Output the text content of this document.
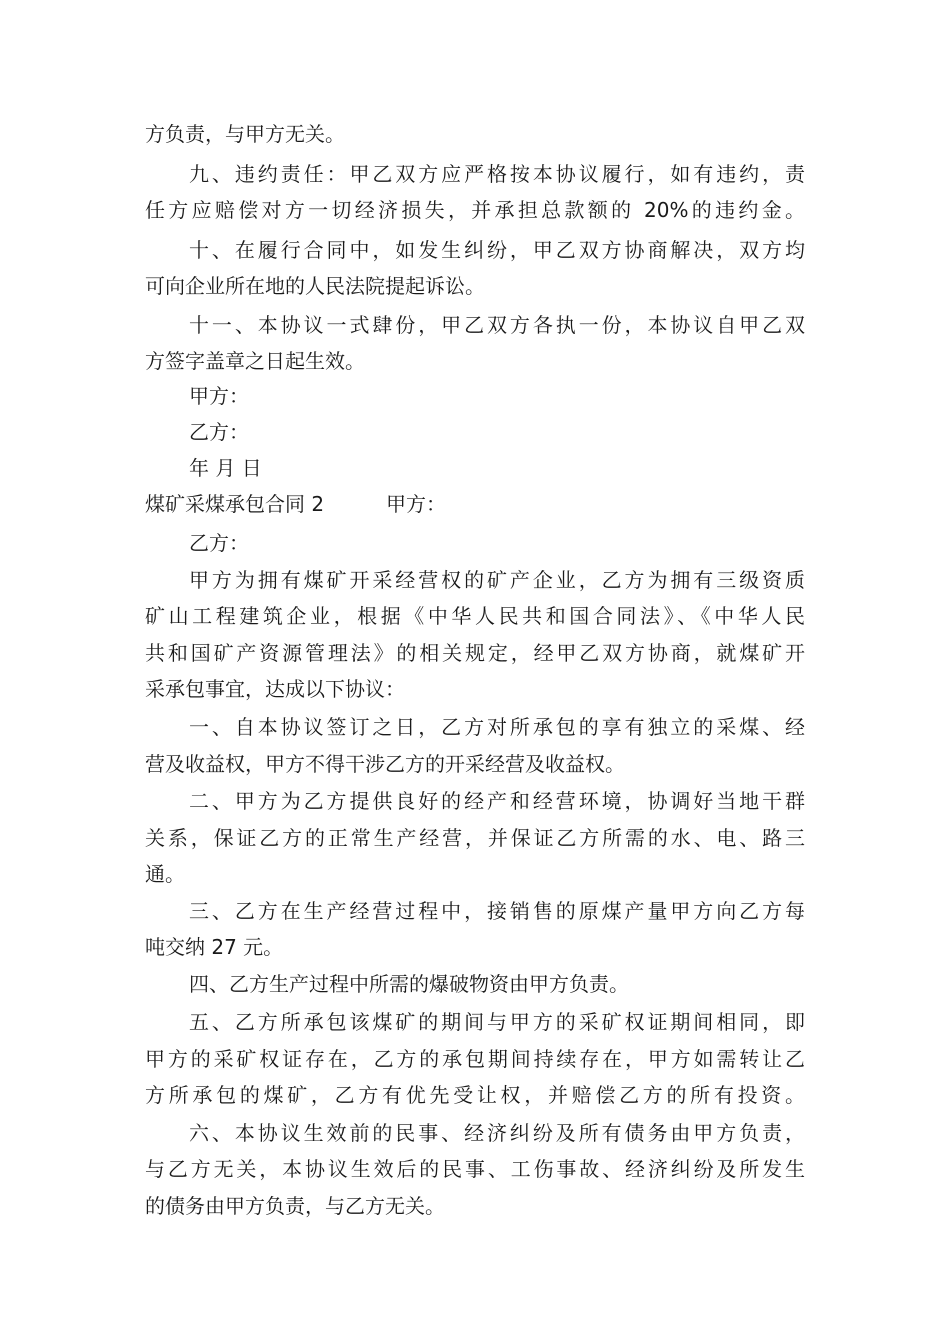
方负责，与甲方无关。
九、违约责任：甲乙双方应严格按本协议履行，如有违约，责
任方应赔偿对方一切经济损失，并承担总款额的 20%的违约金。
十、在履行合同中，如发生纠纷，甲乙双方协商解决，双方均
可向企业所在地的人民法院提起诉讼。
十一、本协议一式肆份，甲乙双方各执一份，本协议自甲乙双
方签字盖章之日起生效。
甲方：
乙方：
年 月 日
煤矿采煤承包合同 2	甲方：
乙方：
甲方为拥有煤矿开采经营权的矿产企业，乙方为拥有三级资质
矿山工程建筑企业，根据《中华人民共和国合同法》、《中华人民
共和国矿产资源管理法》的相关规定，经甲乙双方协商，就煤矿开
采承包事宜，达成以下协议：
一、自本协议签订之日，乙方对所承包的享有独立的采煤、经
营及收益权，甲方不得干涉乙方的开采经营及收益权。
二、甲方为乙方提供良好的经产和经营环境，协调好当地干群
关系，保证乙方的正常生产经营，并保证乙方所需的水、电、路三
通。
三、乙方在生产经营过程中，接销售的原煤产量甲方向乙方每
吨交纳 27 元。
四、乙方生产过程中所需的爆破物资由甲方负责。
五、乙方所承包该煤矿的期间与甲方的采矿权证期间相同，即
甲方的采矿权证存在，乙方的承包期间持续存在，甲方如需转让乙
方所承包的煤矿，乙方有优先受让权，并赔偿乙方的所有投资。
六、本协议生效前的民事、经济纠纷及所有债务由甲方负责，
与乙方无关，本协议生效后的民事、工伤事故、经济纠纷及所发生
的债务由甲方负责，与乙方无关。
